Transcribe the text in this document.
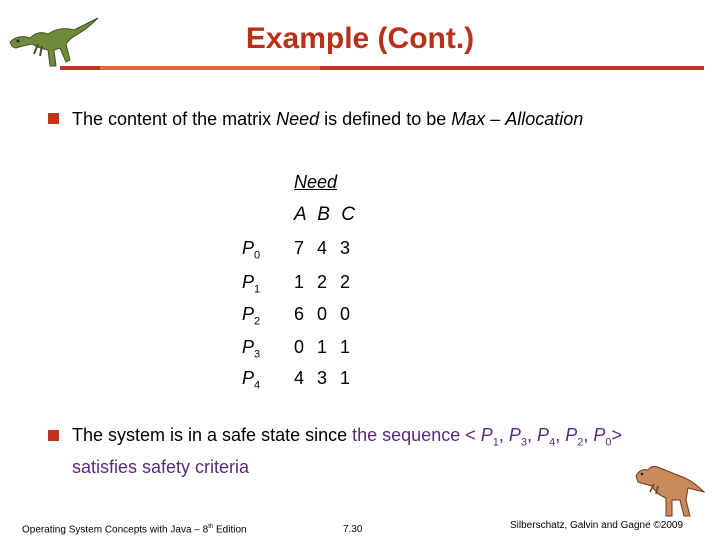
Example (Cont.)
The content of the matrix Need is defined to be Max – Allocation
Need
A B C
$P_0$ 7 4 3
$P_1$ 1 2 2
$P_2$ 6 0 0
$P_3$ 0 1 1
$P_4$ 4 3 1
The system is in a safe state since the sequence < $P_1$, $P_3$, $P_4$, $P_2$, $P_0>$
satisfies safety criteria
Operating System Concepts with Java – 8th Edition	7.30	Silberschatz, Galvin and Gagne ©2009
